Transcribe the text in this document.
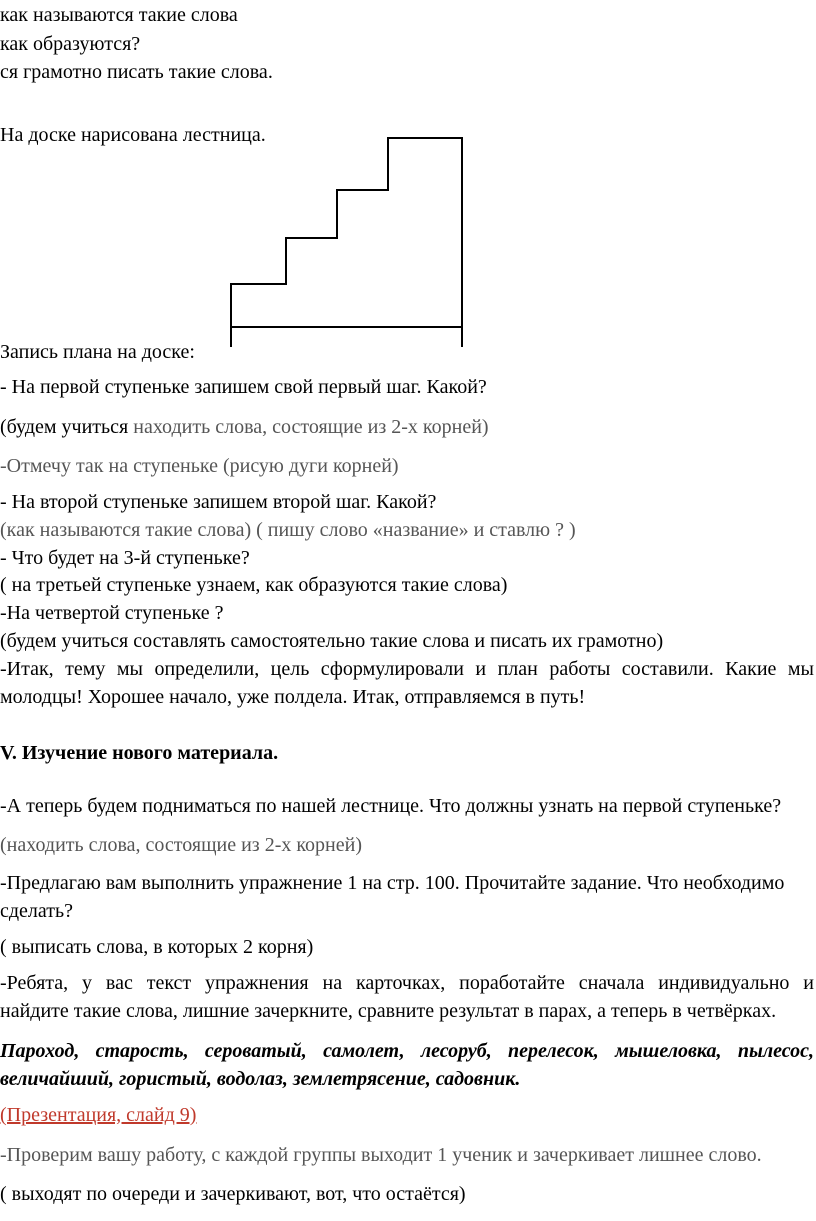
как называются такие слова
как образуются?
ся грамотно писать такие слова.
На доске нарисована лестница.
Запись плана на доске:
- На первой ступеньке запишем свой первый шаг. Какой?
(будем учиться находить слова, состоящие из 2-х корней)
-Отмечу так на ступеньке (рисую дуги корней)
- На второй ступеньке запишем второй шаг. Какой?
(как называются такие слова) ( пишу слово «название» и ставлю ? )
- Что будет на 3-й ступеньке?
( на третьей ступеньке узнаем, как образуются такие слова)
-На четвертой ступеньке ?
(будем учиться составлять самостоятельно такие слова и писать их грамотно)
-Итак, тему мы определили, цель сформулировали и план работы составили. Какие мы
молодцы! Хорошее начало, уже полдела. Итак, отправляемся в путь!
V. Изучение нового материала.
-А теперь будем подниматься по нашей лестнице. Что должны узнать на первой ступеньке?
(находить слова, состоящие из 2-х корней)
-Предлагаю вам выполнить упражнение 1 на стр. 100. Прочитайте задание. Что необходимо
сделать?
( выписать слова, в которых 2 корня)
-Ребята, у вас текст упражнения на карточках, поработайте сначала индивидуально и
найдите такие слова, лишние зачеркните, сравните результат в парах, а теперь в четвёрках.
Пароход, старость, сероватый, самолет, лесоруб, перелесок, мышеловка, пылесос,
величайший, гористый, водолаз, землетрясение, садовник.
(Презентация, слайд 9)
-Проверим вашу работу, с каждой группы выходит 1 ученик и зачеркивает лишнее слово.
( выходят по очереди и зачеркивают, вот, что остаётся)
